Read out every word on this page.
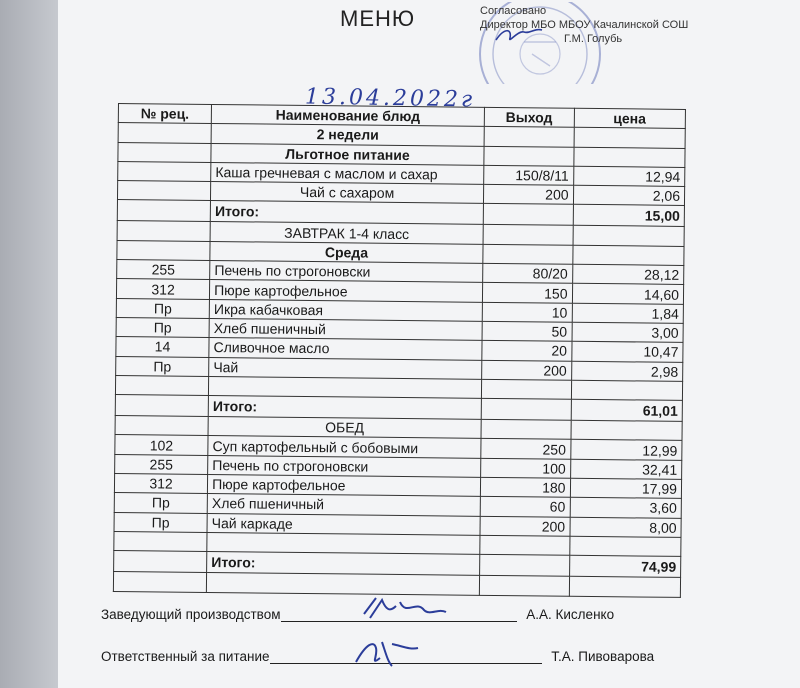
МЕНЮ	Согласовано
Директор МБО МБОУ Качалинской СОШ
Г.М. Голубь
13.04.2022г
№ рец.	Наименование блюд	Выход	цена
	2 недели		
	Льготное питание		
	Каша гречневая с маслом и сахар	150/8/11	12,94
	Чай с сахаром	200	2,06
	Итого:		15,00
	ЗАВТРАК 1-4 класс		
	Среда		
255	Печень по строгоновски	80/20	28,12
312	Пюре картофельное	150	14,60
Пр	Икра кабачковая	10	1,84
Пр	Хлеб пшеничный	50	3,00
14	Сливочное масло	20	10,47
Пр	Чай	200	2,98

	Итого:		61,01
	ОБЕД		
102	Суп картофельный с бобовыми	250	12,99
255	Печень по строгоновски	100	32,41
312	Пюре картофельное	180	17,99
Пр	Хлеб пшеничный	60	3,60
Пр	Чай каркаде	200	8,00

	Итого:		74,99

Заведующий производством	А.А. Кисленко
Ответственный за питание	Т.А. Пивоварова
